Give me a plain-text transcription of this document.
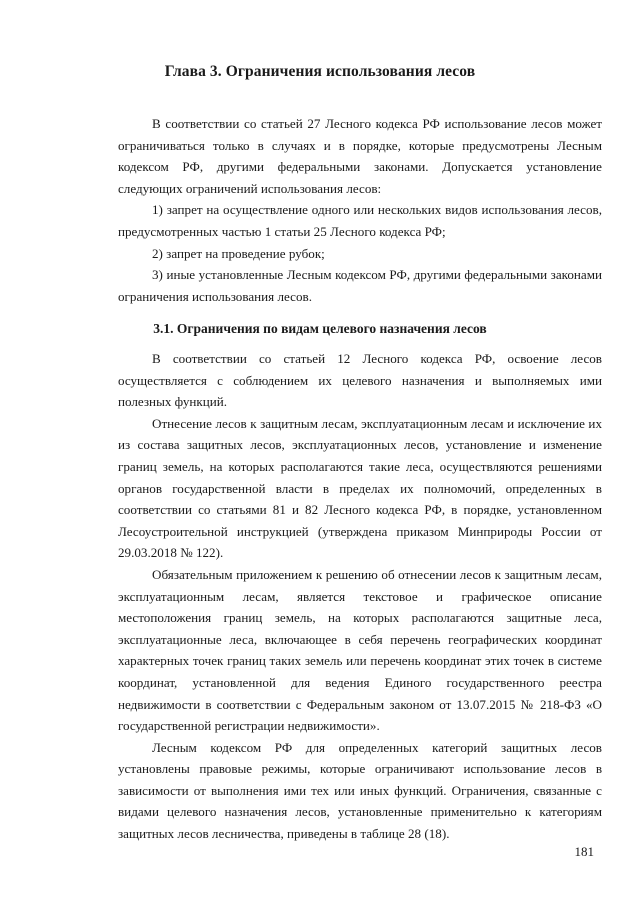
Глава 3. Ограничения использования лесов

В соответствии со статьей 27 Лесного кодекса РФ использование лесов может ограничиваться только в случаях и в порядке, которые предусмотрены Лесным кодексом РФ, другими федеральными законами. Допускается установление следующих ограничений использования лесов:

1) запрет на осуществление одного или нескольких видов использования лесов, предусмотренных частью 1 статьи 25 Лесного кодекса РФ;

2) запрет на проведение рубок;

3) иные установленные Лесным кодексом РФ, другими федеральными законами ограничения использования лесов.

3.1. Ограничения по видам целевого назначения лесов

В соответствии со статьей 12 Лесного кодекса РФ, освоение лесов осуществляется с соблюдением их целевого назначения и выполняемых ими полезных функций.

Отнесение лесов к защитным лесам, эксплуатационным лесам и исключение их из состава защитных лесов, эксплуатационных лесов, установление и изменение границ земель, на которых располагаются такие леса, осуществляются решениями органов государственной власти в пределах их полномочий, определенных в соответствии со статьями 81 и 82 Лесного кодекса РФ, в порядке, установленном Лесоустроительной инструкцией (утверждена приказом Минприроды России от 29.03.2018 № 122).

Обязательным приложением к решению об отнесении лесов к защитным лесам, эксплуатационным лесам, является текстовое и графическое описание местоположения границ земель, на которых располагаются защитные леса, эксплуатационные леса, включающее в себя перечень географических координат характерных точек границ таких земель или перечень координат этих точек в системе координат, установленной для ведения Единого государственного реестра недвижимости в соответствии с Федеральным законом от 13.07.2015 № 218-ФЗ «О государственной регистрации недвижимости».

Лесным кодексом РФ для определенных категорий защитных лесов установлены правовые режимы, которые ограничивают использование лесов в зависимости от выполнения ими тех или иных функций. Ограничения, связанные с видами целевого назначения лесов, установленные применительно к категориям защитных лесов лесничества, приведены в таблице 28 (18).

181
